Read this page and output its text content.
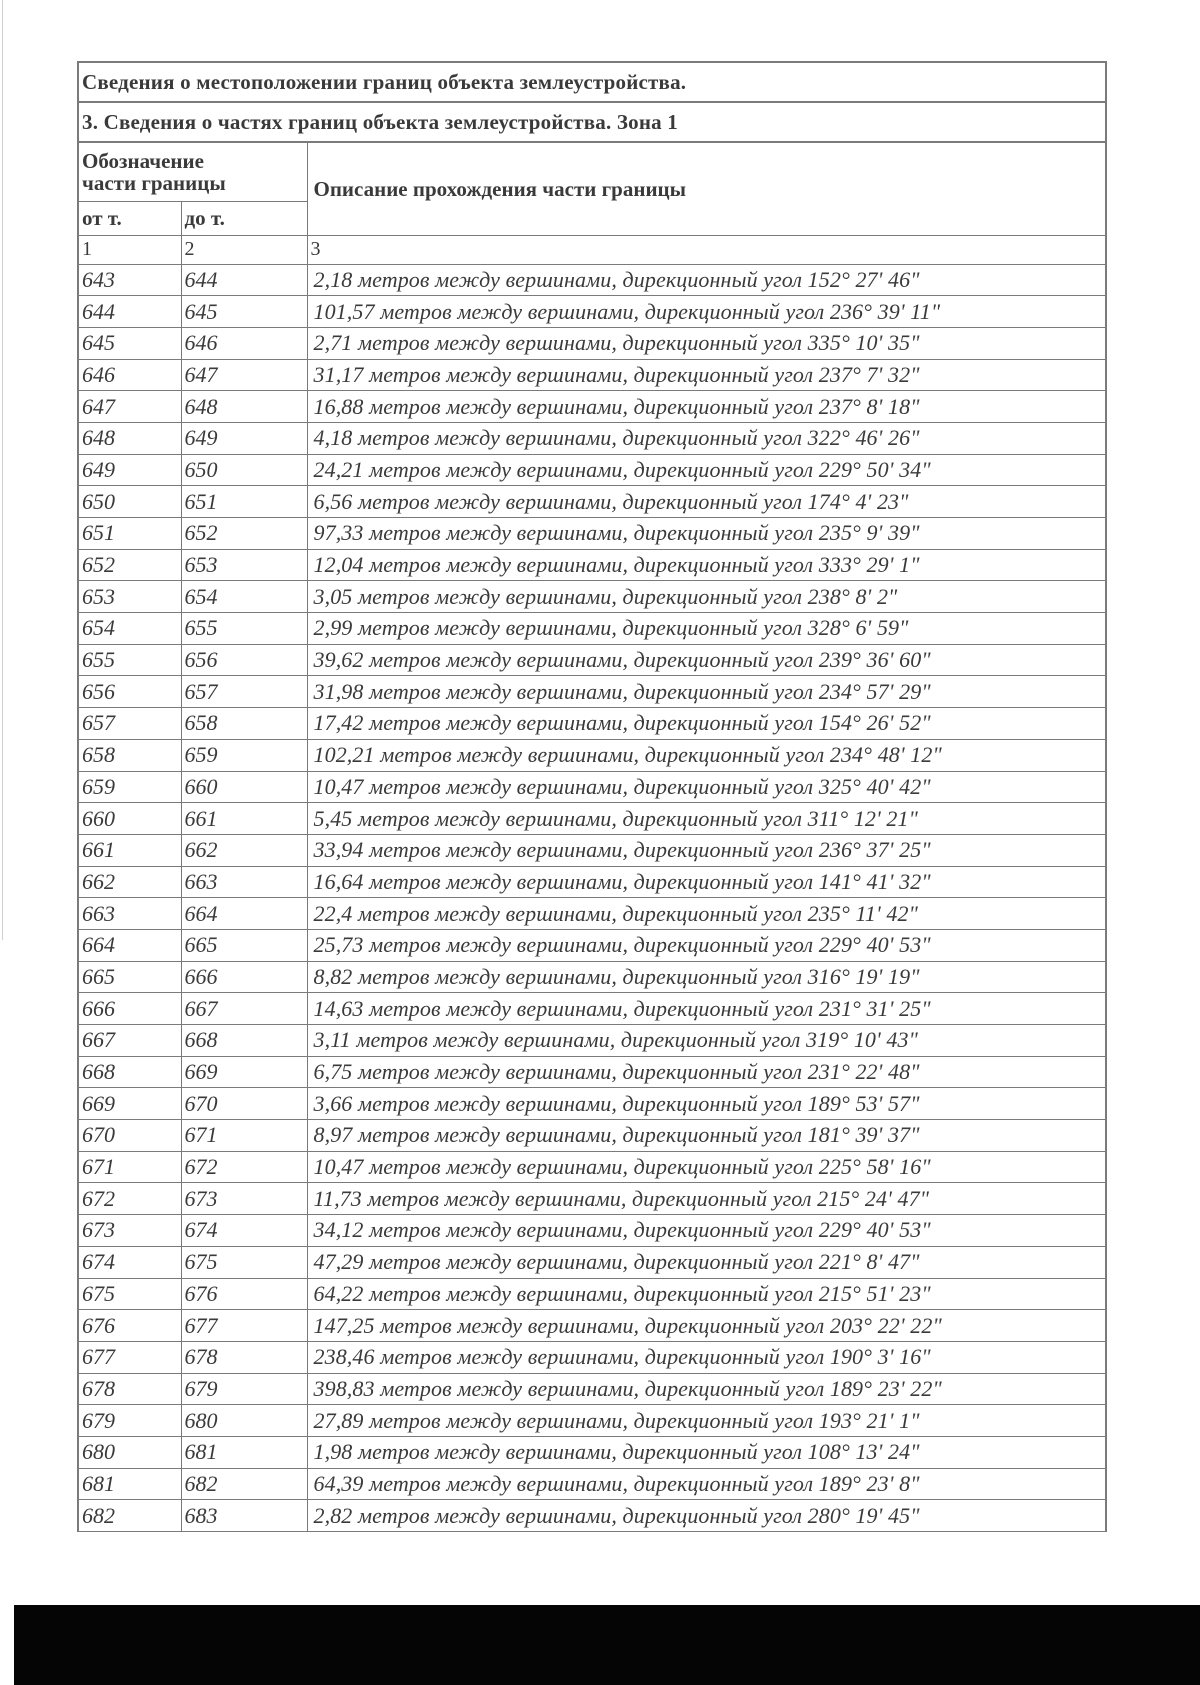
Сведения о местоположении границ объекта землеустройства.
3. Сведения о частях границ объекта землеустройства. Зона 1
Обозначение
части границы		Описание прохождения части границы
от т.	до т.	
1	2	3
643	644	2,18 метров между вершинами, дирекционный угол 152° 27' 46"
644	645	101,57 метров между вершинами, дирекционный угол 236° 39' 11"
645	646	2,71 метров между вершинами, дирекционный угол 335° 10' 35"
646	647	31,17 метров между вершинами, дирекционный угол 237° 7' 32"
647	648	16,88 метров между вершинами, дирекционный угол 237° 8' 18"
648	649	4,18 метров между вершинами, дирекционный угол 322° 46' 26"
649	650	24,21 метров между вершинами, дирекционный угол 229° 50' 34"
650	651	6,56 метров между вершинами, дирекционный угол 174° 4' 23"
651	652	97,33 метров между вершинами, дирекционный угол 235° 9' 39"
652	653	12,04 метров между вершинами, дирекционный угол 333° 29' 1"
653	654	3,05 метров между вершинами, дирекционный угол 238° 8' 2"
654	655	2,99 метров между вершинами, дирекционный угол 328° 6' 59"
655	656	39,62 метров между вершинами, дирекционный угол 239° 36' 60"
656	657	31,98 метров между вершинами, дирекционный угол 234° 57' 29"
657	658	17,42 метров между вершинами, дирекционный угол 154° 26' 52"
658	659	102,21 метров между вершинами, дирекционный угол 234° 48' 12"
659	660	10,47 метров между вершинами, дирекционный угол 325° 40' 42"
660	661	5,45 метров между вершинами, дирекционный угол 311° 12' 21"
661	662	33,94 метров между вершинами, дирекционный угол 236° 37' 25"
662	663	16,64 метров между вершинами, дирекционный угол 141° 41' 32"
663	664	22,4 метров между вершинами, дирекционный угол 235° 11' 42"
664	665	25,73 метров между вершинами, дирекционный угол 229° 40' 53"
665	666	8,82 метров между вершинами, дирекционный угол 316° 19' 19"
666	667	14,63 метров между вершинами, дирекционный угол 231° 31' 25"
667	668	3,11 метров между вершинами, дирекционный угол 319° 10' 43"
668	669	6,75 метров между вершинами, дирекционный угол 231° 22' 48"
669	670	3,66 метров между вершинами, дирекционный угол 189° 53' 57"
670	671	8,97 метров между вершинами, дирекционный угол 181° 39' 37"
671	672	10,47 метров между вершинами, дирекционный угол 225° 58' 16"
672	673	11,73 метров между вершинами, дирекционный угол 215° 24' 47"
673	674	34,12 метров между вершинами, дирекционный угол 229° 40' 53"
674	675	47,29 метров между вершинами, дирекционный угол 221° 8' 47"
675	676	64,22 метров между вершинами, дирекционный угол 215° 51' 23"
676	677	147,25 метров между вершинами, дирекционный угол 203° 22' 22"
677	678	238,46 метров между вершинами, дирекционный угол 190° 3' 16"
678	679	398,83 метров между вершинами, дирекционный угол 189° 23' 22"
679	680	27,89 метров между вершинами, дирекционный угол 193° 21' 1"
680	681	1,98 метров между вершинами, дирекционный угол 108° 13' 24"
681	682	64,39 метров между вершинами, дирекционный угол 189° 23' 8"
682	683	2,82 метров между вершинами, дирекционный угол 280° 19' 45"
